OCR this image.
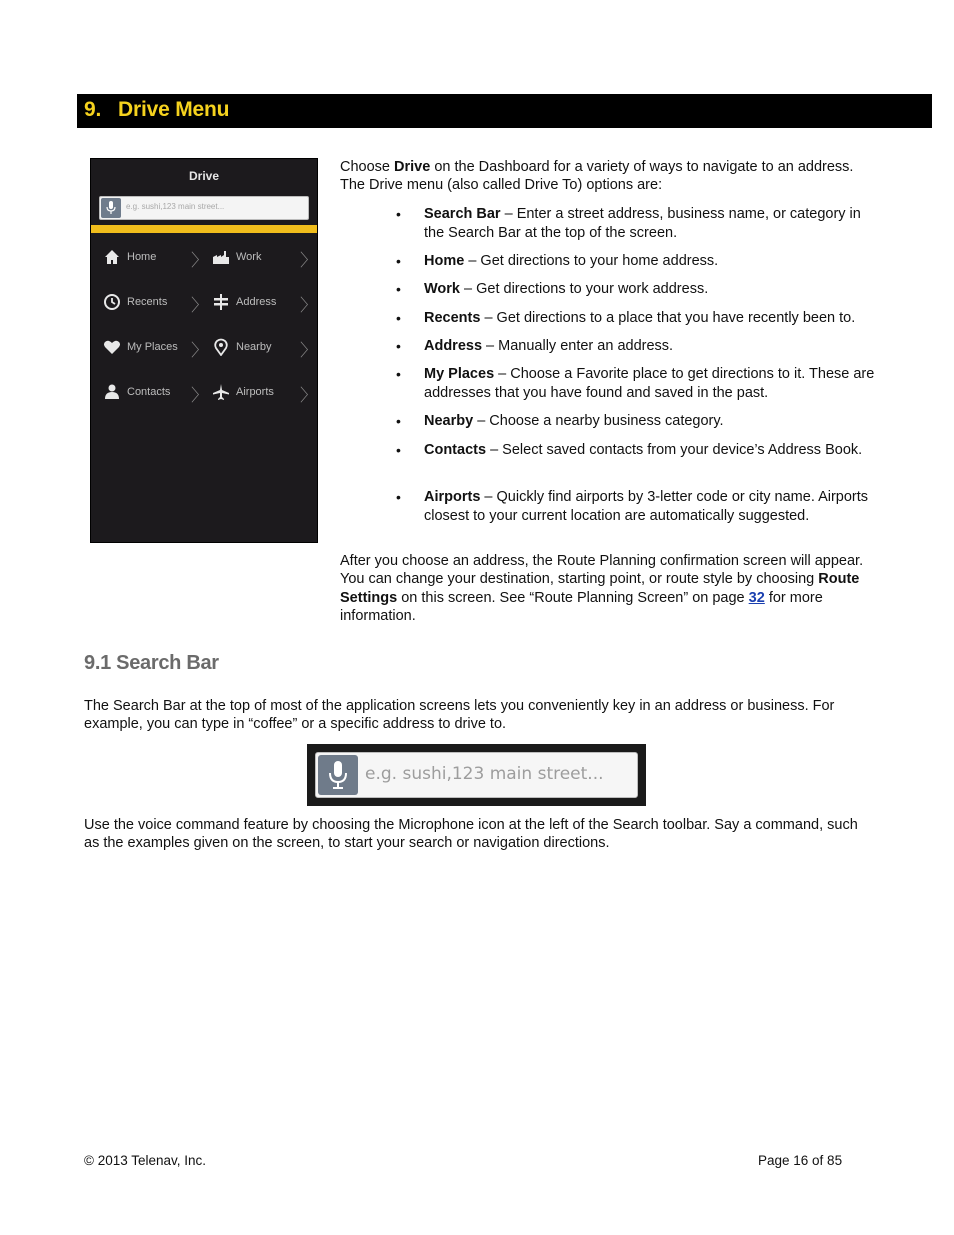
9. Drive Menu
Drive
e.g. sushi,123 main street...
Home 〉	Work 〉
Recents 〉	Address 〉
My Places 〉	Nearby 〉
Contacts 〉	Airports 〉
Choose Drive on the Dashboard for a variety of ways to navigate to an address. The Drive menu (also called Drive To) options are:
• Search Bar – Enter a street address, business name, or category in the Search Bar at the top of the screen.
• Home – Get directions to your home address.
• Work – Get directions to your work address.
• Recents – Get directions to a place that you have recently been to.
• Address – Manually enter an address.
• My Places – Choose a Favorite place to get directions to it. These are addresses that you have found and saved in the past.
• Nearby – Choose a nearby business category.
• Contacts – Select saved contacts from your device’s Address Book.
• Airports – Quickly find airports by 3-letter code or city name. Airports closest to your current location are automatically suggested.
After you choose an address, the Route Planning confirmation screen will appear. You can change your destination, starting point, or route style by choosing Route Settings on this screen. See “Route Planning Screen” on page 32 for more information.
9.1 Search Bar
The Search Bar at the top of most of the application screens lets you conveniently key in an address or business. For example, you can type in “coffee” or a specific address to drive to.
e.g. sushi,123 main street...
Use the voice command feature by choosing the Microphone icon at the left of the Search toolbar. Say a command, such as the examples given on the screen, to start your search or navigation directions.
© 2013 Telenav, Inc.	Page 16 of 85
